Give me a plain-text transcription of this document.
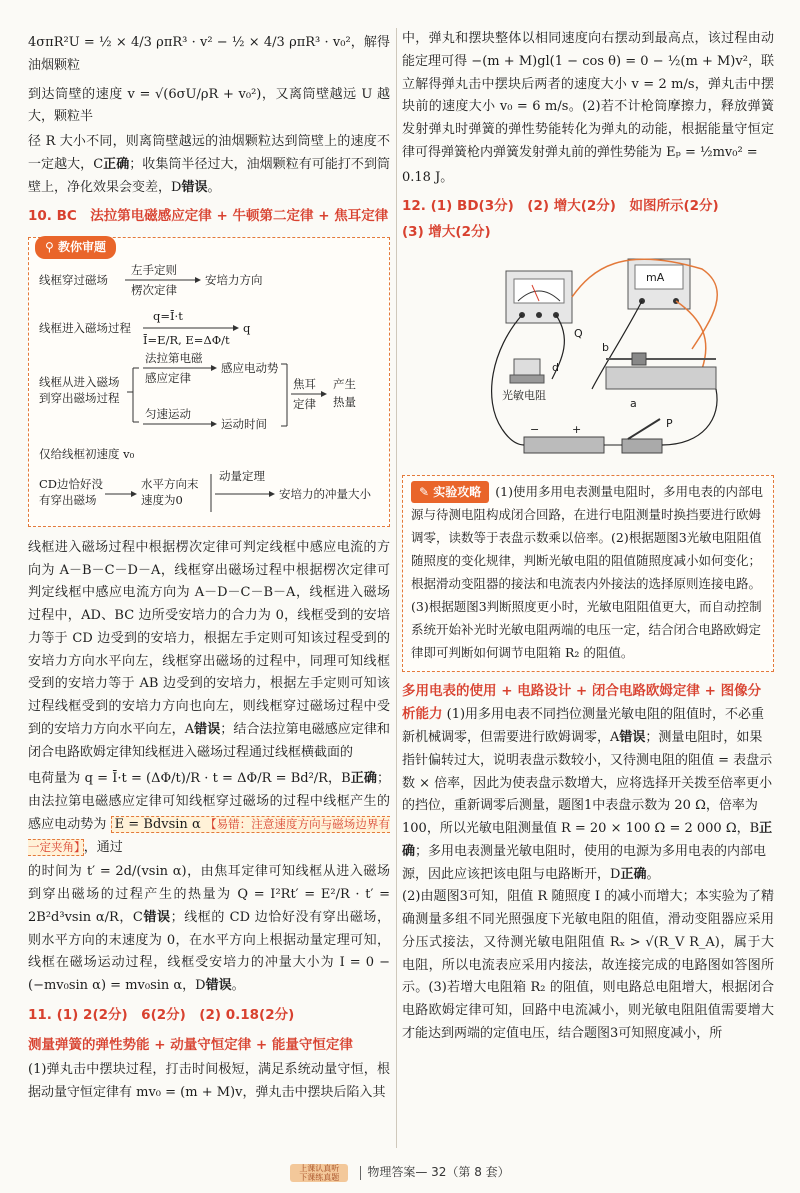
4σπR²U = ½ × 4/3 ρπR³ · v² − ½ × 4/3 ρπR³ · v₀²，解得油烟颗粒

到达筒壁的速度 v = √(6σU/ρR + v₀²)，又离筒壁越远 U 越大，颗粒半

径 R 大小不同，则离筒壁越远的油烟颗粒达到筒壁上的速度不一定越大，C正确；收集筒半径过大，油烟颗粒有可能打不到筒壁上，净化效果会变差，D错误。

10. BC　法拉第电磁感应定律 + 牛顿第二定律 + 焦耳定律
⚲ 教你审题
线框穿过磁场
左手定则
楞次定律
安培力方向
线框进入磁场过程
q=Ī·t
Ī=E/R, E=ΔΦ/t
q
线框从进入磁场
到穿出磁场过程
法拉第电磁
感应定律
感应电动势
匀速运动
运动时间
焦耳
定律
产生
热量
仅给线框初速度 v₀
CD边恰好没
有穿出磁场
水平方向末
速度为0
动量定理
安培力的冲量大小

线框进入磁场过程中根据楞次定律可判定线框中感应电流的方向为 A－B－C－D－A，线框穿出磁场过程中根据楞次定律可判定线框中感应电流方向为 A－D－C－B－A，线框进入磁场过程中，AD、BC 边所受安培力的合力为 0，线框受到的安培力等于 CD 边受到的安培力，根据左手定则可知该过程受到的安培力方向水平向左，线框穿出磁场的过程中，同理可知线框受到的安培力等于 AB 边受到的安培力，根据左手定则可知该过程线框受到的安培力方向也向左，则线框穿过磁场过程中受到的安培力方向水平向左，A错误；结合法拉第电磁感应定律和闭合电路欧姆定律知线框进入磁场过程通过线框横截面的

电荷量为 q = Ī·t = (ΔΦ/t)/R · t = ΔΦ/R = Bd²/R，B正确；由法拉第电磁感应定律可知线框穿过磁场的过程中线框产生的感应电动势为 E = Bdvsin α 【易错：注意速度方向与磁场边界有一定夹角】 ，通过

的时间为 t′ = 2d/(vsin α)，由焦耳定律可知线框从进入磁场到穿出磁场的过程产生的热量为 Q = I²Rt′ = E²/R · t′ = 2B²d³vsin α/R，C错误；线框的 CD 边恰好没有穿出磁场，则水平方向的末速度为 0，在水平方向上根据动量定理可知，线框在磁场运动过程，线框受安培力的冲量大小为 I = 0 − (−mv₀sin α) = mv₀sin α，D错误。

11. (1) 2(2分)　6(2分)　(2) 0.18(2分)
测量弹簧的弹性势能 + 动量守恒定律 + 能量守恒定律

(1)弹丸击中摆块过程，打击时间极短，满足系统动量守恒，根据动量守恒定律有 mv₀ = (m + M)v，弹丸击中摆块后陷入其

中，弹丸和摆块整体以相同速度向右摆动到最高点，该过程由动能定理可得 −(m + M)gl(1 − cos θ) = 0 − ½(m + M)v²，联立解得弹丸击中摆块后两者的速度大小 v = 2 m/s，弹丸击中摆块前的速度大小 v₀ = 6 m/s。(2)若不计枪筒摩擦力，释放弹簧发射弹丸时弹簧的弹性势能转化为弹丸的动能，根据能量守恒定律可得弹簧枪内弹簧发射弹丸前的弹性势能为 Eₚ = ½mv₀² =

0.18 J。

12. (1) BD(3分)　(2) 增大(2分)　如图所示(2分)
(3) 增大(2分)
mA
Q
d
光敏电阻
b
a
+
−	P
✎ 实验攻略 (1)使用多用电表测量电阻时，多用电表的内部电源与待测电阻构成闭合回路，在进行电阻测量时换挡要进行欧姆调零，读数等于表盘示数乘以倍率。(2)根据题图3光敏电阻阻值随照度的变化规律，判断光敏电阻的阻值随照度减小如何变化；根据滑动变阻器的接法和电流表内外接法的选择原则连接电路。(3)根据题图3判断照度更小时，光敏电阻阻值更大，而自动控制系统开始补光时光敏电阻两端的电压一定，结合闭合电路欧姆定律即可判断如何调节电阻箱 R₂ 的阻值。
多用电表的使用 + 电路设计 + 闭合电路欧姆定律 + 图像分析能力 (1)用多用电表不同挡位测量光敏电阻的阻值时，不必重新机械调零，但需要进行欧姆调零，A错误；测量电阻时，如果指针偏转过大，说明表盘示数较小，又待测电阻的阻值 = 表盘示数 × 倍率，因此为使表盘示数增大，应将选择开关拨至倍率更小的挡位，重新调零后测量，题图1中表盘示数为 20 Ω，倍率为 100，所以光敏电阻测量值 R = 20 × 100 Ω = 2 000 Ω，B正确；多用电表测量光敏电阻时，使用的电源为多用电表的内部电源，因此应该把该电阻与电路断开，D正确。

(2)由题图3可知，阻值 R 随照度 I 的减小而增大；本实验为了精确测量多组不同光照强度下光敏电阻的阻值，滑动变阻器应采用分压式接法，又待测光敏电阻阻值 Rₓ > √(R_V R_A)，属于大电阻，所以电流表应采用内接法，故连接完成的电路图如答图所示。(3)若增大电阻箱 R₂ 的阻值，则电路总电阻增大，根据闭合电路欧姆定律可知，回路中电流减小，则光敏电阻阻值需要增大才能达到两端的定值电压，结合题图3可知照度减小，所

上课认真听
下课练真题 物理答案— 32（第 8 套）
